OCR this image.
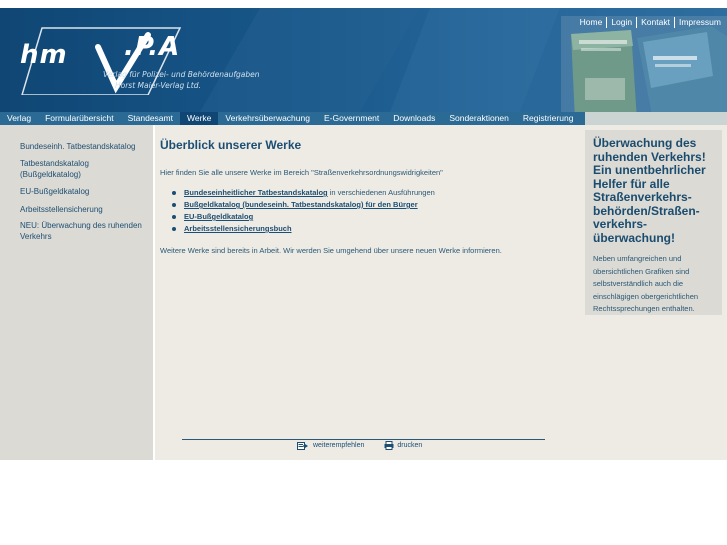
hm .P.A
Verlag für Polizei- und Behördenaufgaben
Horst Maier-Verlag Ltd.
Home	Login	Kontakt	Impressum
Verlag	Formularübersicht	Standesamt	Werke	Verkehrsüberwachung	E-Government	Downloads	Sonderaktionen	Registrierung
Bundeseinh. Tatbestandskatalog
Tatbestandskatalog (Bußgeldkatalog)
EU-Bußgeldkatalog
Arbeitsstellensicherung
NEU: Überwachung des ruhenden Verkehrs
Überblick unserer Werke
Hier finden Sie alle unsere Werke im Bereich "Straßenverkehrsordnungswidrigkeiten"
Bundeseinheitlicher Tatbestandskatalog in verschiedenen Ausführungen
Bußgeldkatalog (bundeseinh. Tatbestandskatalog) für den Bürger
EU-Bußgeldkatalog
Arbeitsstellensicherungsbuch
Weitere Werke sind bereits in Arbeit. Wir werden Sie umgehend über unsere neuen Werke informieren.
weiterempfehlen	drucken
Überwachung des
ruhenden Verkehrs!
Ein unentbehrlicher
Helfer für alle
Straßenverkehrs-
behörden/Straßen-verkehrs-
überwachung!

Neben umfangreichen und
übersichtlichen Grafiken sind
selbstverständlich auch die
einschlägigen obergerichtlichen
Rechtssprechungen enthalten.
